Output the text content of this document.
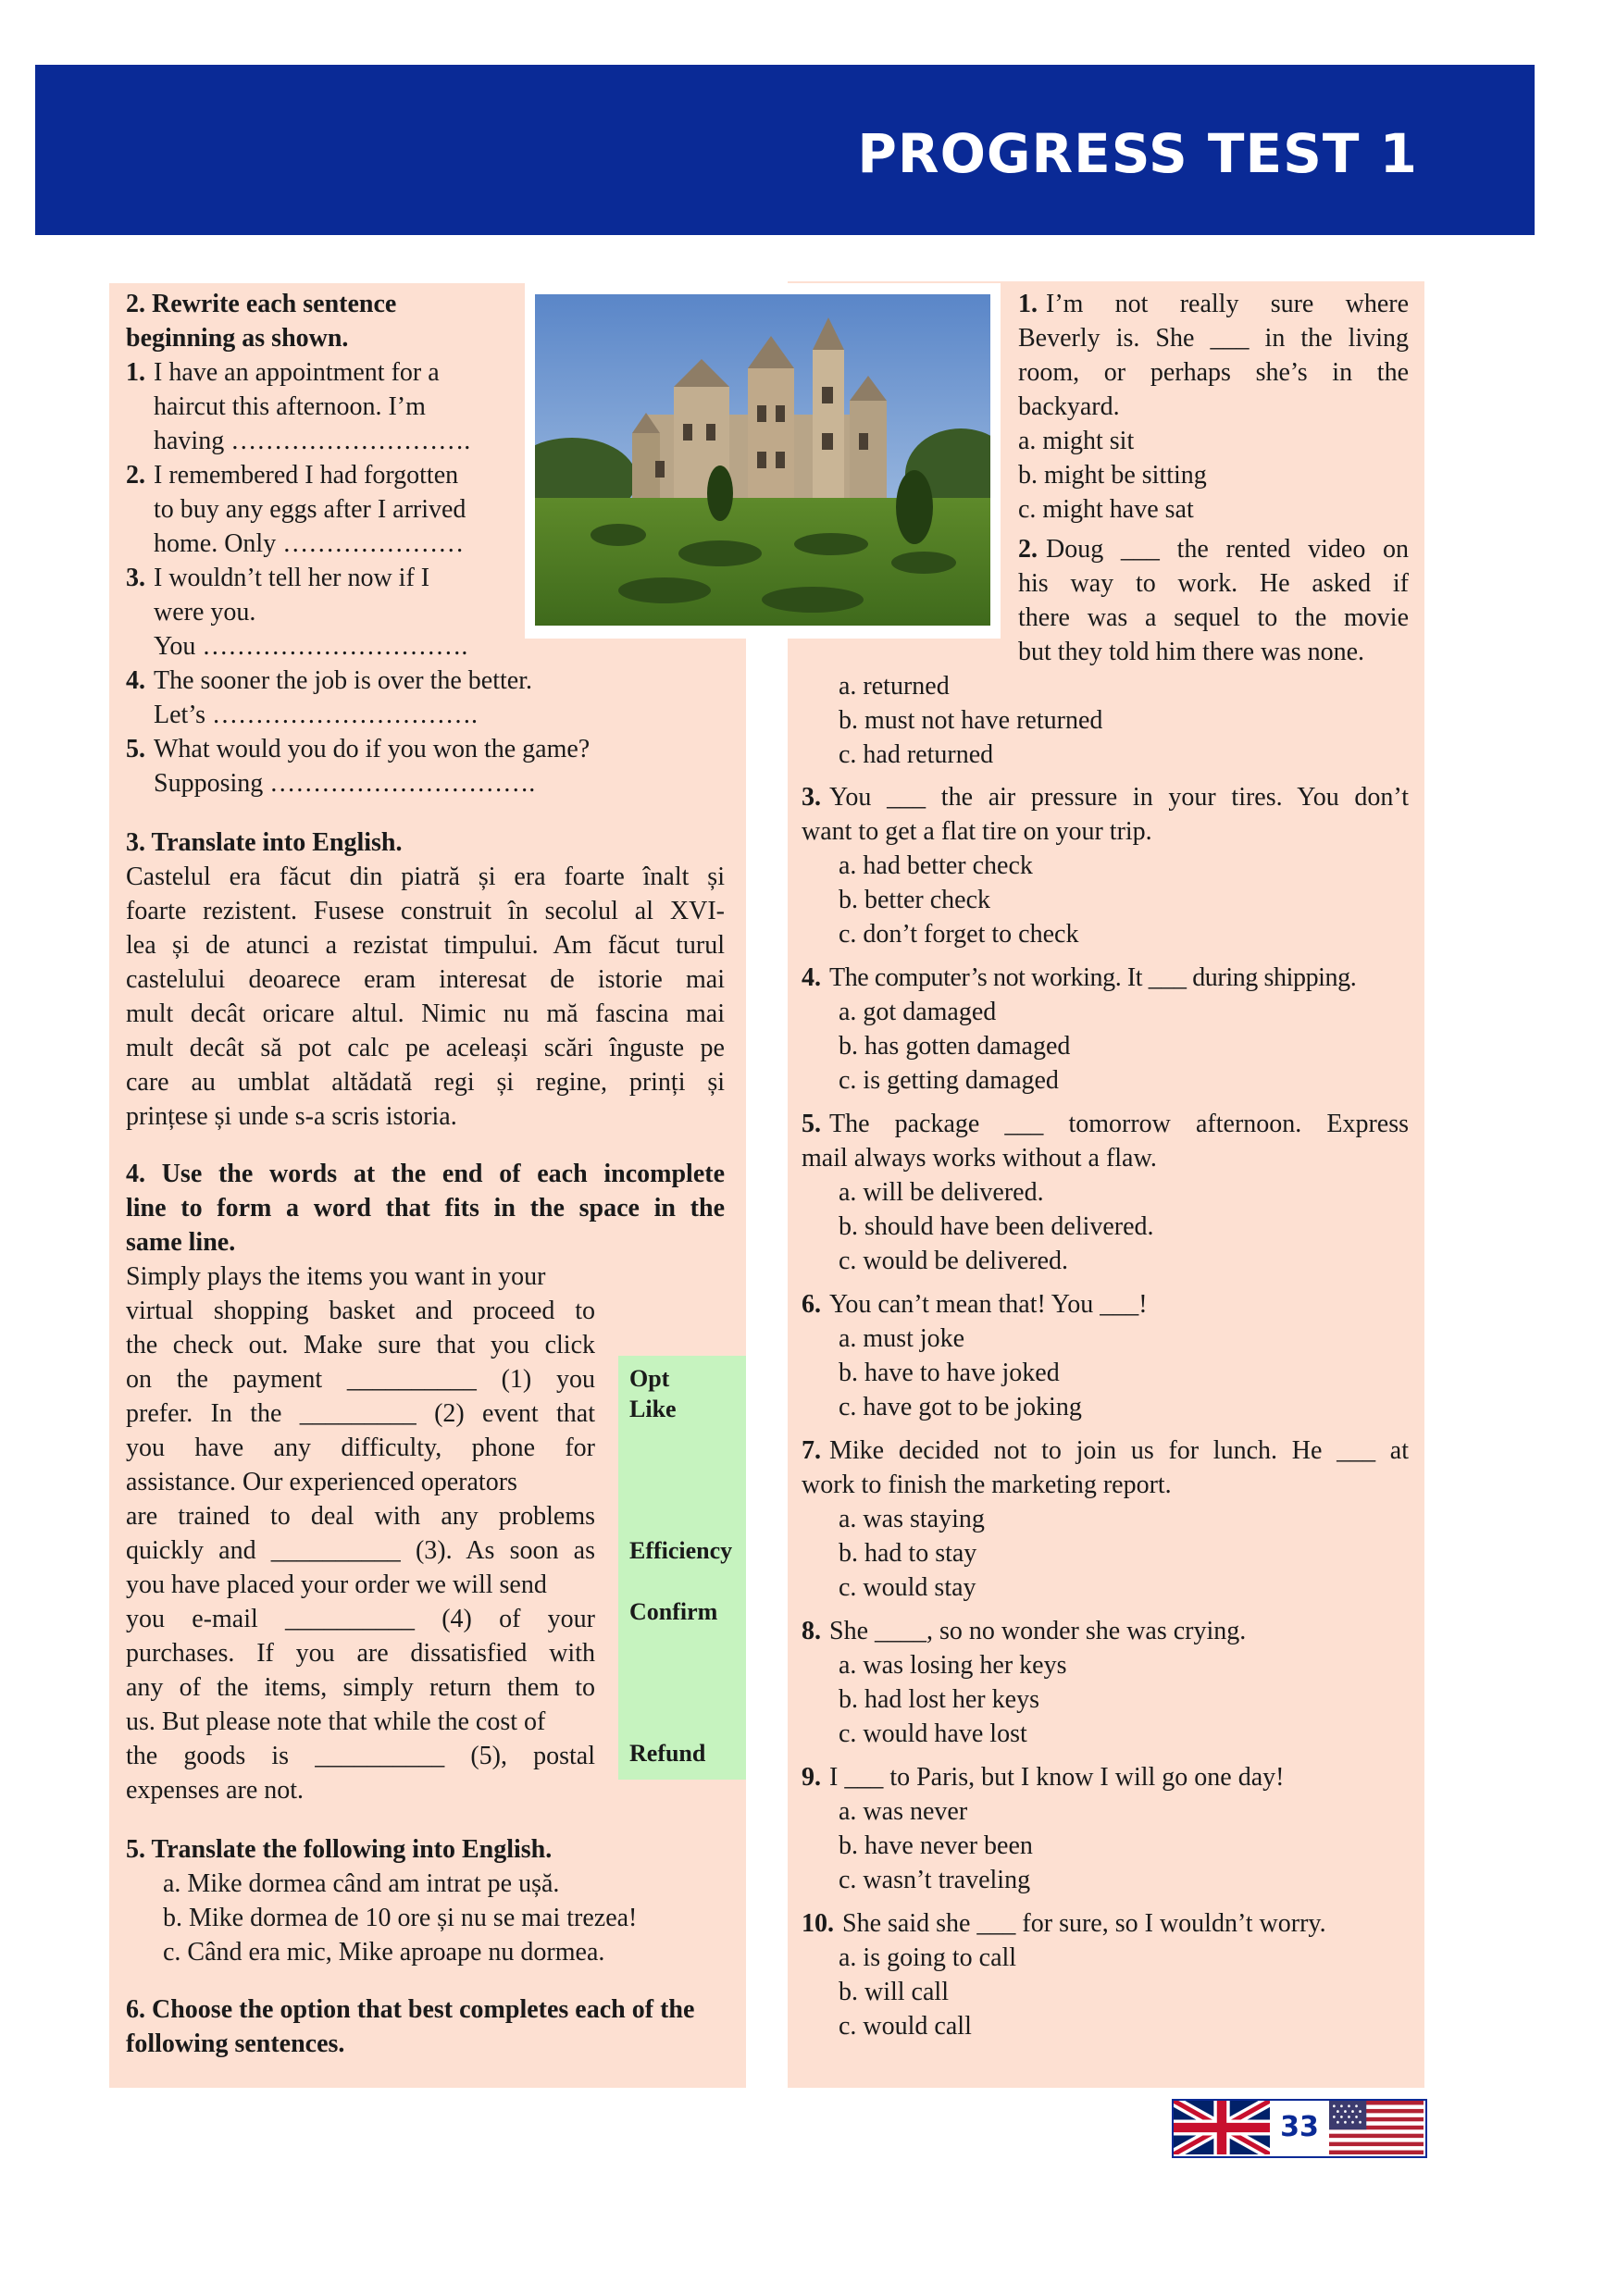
PROGRESS TEST 1
2. Rewrite each sentence
beginning as shown.
1. I have an appointment for a
haircut this afternoon. I’m
having ……………………….
2. I remembered I had forgotten
to buy any eggs after I arrived
home. Only …………………
3. I wouldn’t tell her now if I
were you.
You ………………………….
4. The sooner the job is over the better.
Let’s ………………………….
5. What would you do if you won the game?
Supposing ………………………….
3. Translate into English.
Castelul era făcut din piatră și era foarte înalt și
foarte rezistent. Fusese construit în secolul al XVI-
lea și de atunci a rezistat timpului. Am făcut turul
castelului deoarece eram interesat de istorie mai
mult decât oricare altul. Nimic nu mă fascina mai
mult decât să pot calc pe aceleași scări înguste pe
care au umblat altădată regi și regine, prinți și
prințese și unde s-a scris istoria.
4. Use the words at the end of each incomplete
line to form a word that fits in the space in the
same line.
Simply plays the items you want in your
virtual shopping basket and proceed to
the check out. Make sure that you click
on the payment __________ (1) you
prefer. In the _________ (2) event that
you have any difficulty, phone for
assistance. Our experienced operators
are trained to deal with any problems
quickly and __________ (3). As soon as
you have placed your order we will send
you e-mail __________ (4) of your
purchases. If you are dissatisfied with
any of the items, simply return them to
us. But please note that while the cost of
the goods is __________ (5), postal
expenses are not.
Opt
Like
Efficiency
Confirm
Refund
5. Translate the following into English.
a. Mike dormea când am intrat pe ușă.
b. Mike dormea de 10 ore și nu se mai trezea!
c. Când era mic, Mike aproape nu dormea.
6. Choose the option that best completes each of the
following sentences.
1. I’m not really sure where
Beverly is. She ___ in the living
room, or perhaps she’s in the
backyard.
a. might sit
b. might be sitting
c. might have sat
2. Doug ___ the rented video on
his way to work. He asked if
there was a sequel to the movie
but they told him there was none.
a. returned
b. must not have returned
c. had returned
3. You ___ the air pressure in your tires. You don’t
want to get a flat tire on your trip.
a. had better check
b. better check
c. don’t forget to check
4. The computer’s not working. It ___ during shipping.
a. got damaged
b. has gotten damaged
c. is getting damaged
5. The package ___ tomorrow afternoon. Express
mail always works without a flaw.
a. will be delivered.
b. should have been delivered.
c. would be delivered.
6. You can’t mean that! You ___!
a. must joke
b. have to have joked
c. have got to be joking
7. Mike decided not to join us for lunch. He ___ at
work to finish the marketing report.
a. was staying
b. had to stay
c. would stay
8. She ____, so no wonder she was crying.
a. was losing her keys
b. had lost her keys
c. would have lost
9. I ___ to Paris, but I know I will go one day!
a. was never
b. have never been
c. wasn’t traveling
10. She said she ___ for sure, so I wouldn’t worry.
a. is going to call
b. will call
c. would call
33
